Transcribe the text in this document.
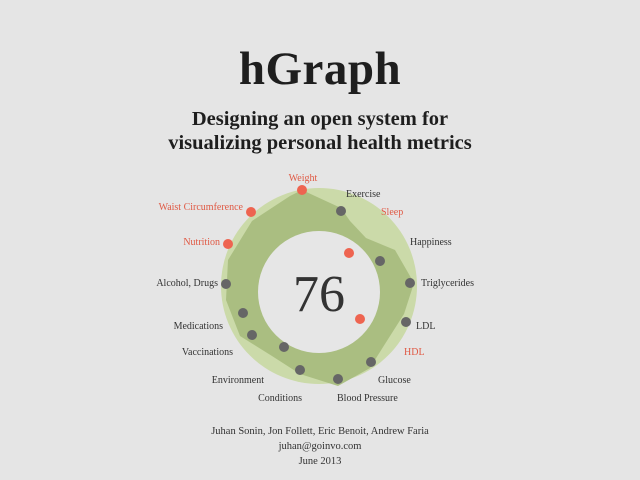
hGraph
Designing an open system for
visualizing personal health metrics
76
Weight
Exercise
Sleep
Happiness
Triglycerides
LDL
HDL
Glucose
Blood Pressure
Conditions
Environment
Vaccinations
Medications
Alcohol, Drugs
Nutrition
Waist Circumference
Juhan Sonin, Jon Follett, Eric Benoit, Andrew Faria
juhan@goinvo.com
June 2013
